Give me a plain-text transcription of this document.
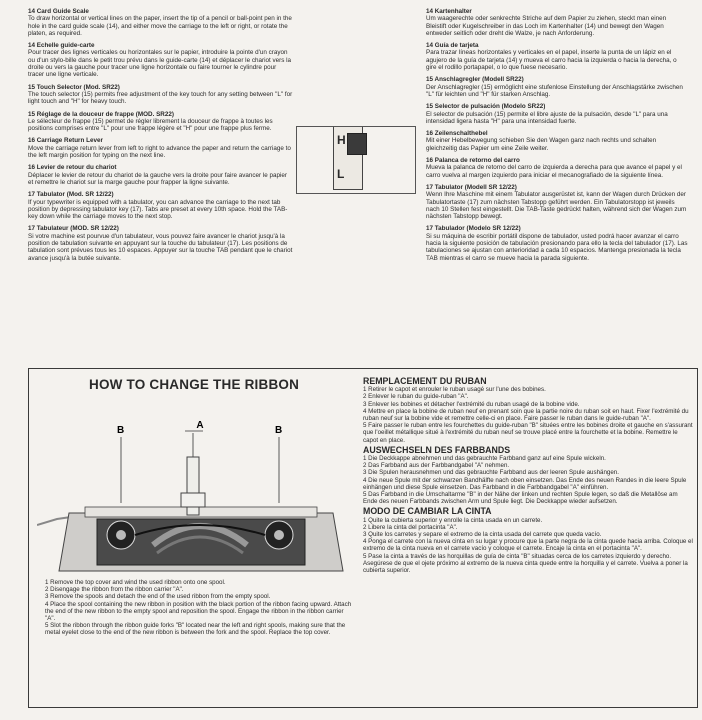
14 Card Guide Scale
To draw horizontal or vertical lines on the paper, insert the tip of a pencil or ball-point pen in the hole in the card guide scale (14), and either move the carriage to the left or right, or rotate the platen, as required.

14 Echelle guide-carte
Pour tracer des lignes verticales ou horizontales sur le papier, introduire la pointe d'un crayon ou d'un stylo-bille dans le petit trou prévu dans le guide-carte (14) et déplacer le chariot vers la droite ou vers la gauche pour tracer une ligne horizontale ou faire tourner le cylindre pour tracer une ligne verticale.

15 Touch Selector (Mod. SR22)
The touch selector (15) permits free adjustment of the key touch for any setting between "L" for light touch and "H" for heavy touch.

15 Réglage de la douceur de frappe (MOD. SR22)
Le sélecteur de frappe (15) permet de régler librement la douceur de frappe à toutes les positions comprises entre "L" pour une frappe légère et "H" pour une frappe plus ferme.

16 Carriage Return Lever
Move the carriage return lever from left to right to advance the paper and return the carriage to the left margin position for typing on the next line.

16 Levier de retour du chariot
Déplacer le levier de retour du chariot de la gauche vers la droite pour faire avancer le papier et remettre le chariot sur la marge gauche pour frapper la ligne suivante.

17 Tabulator (Mod. SR 12/22)
If your typewriter is equipped with a tabulator, you can advance the carriage to the next tab position by depressing tabulator key (17). Tabs are preset at every 10th space. Hold the TAB-key down while the carriage moves to the next stop.

17 Tabulateur (MOD. SR 12/22)
Si votre machine est pourvue d'un tabulateur, vous pouvez faire avancer le chariot jusqu'à la position de tabulation suivante en appuyant sur la touche du tabulateur (17). Les positions de tabulation sont prévues tous les 10 espaces. Appuyer sur la touche TAB pendant que le chariot avance jusqu'à la butée suivante.

14 Kartenhalter
Um waagerechte oder senkrechte Striche auf dem Papier zu ziehen, steckt man einen Bleistift oder Kugelschreiber in das Loch im Kartenhalter (14) und bewegt den Wagen entweder seitlich oder dreht die Walze, je nach Anforderung.

14 Guía de tarjeta
Para trazar líneas horizontales y verticales en el papel, inserte la punta de un lápiz en el agujero de la guía de tarjeta (14) y mueva el carro hacia la izquierda o hacia la derecha, o gire el rodillo portapapel, o lo que fuese necesario.

15 Anschlagregler (Modell SR22)
Der Anschlagregler (15) ermöglicht eine stufenlose Einstellung der Anschlagstärke zwischen "L" für leichten und "H" für starken Anschlag.

15 Selector de pulsación (Modelo SR22)
El selector de pulsación (15) permite el libre ajuste de la pulsación, desde "L" para una intensidad ligera hasta "H" para una intensidad fuerte.

16 Zeilenschalthebel
Mit einer Hebelbewegung schieben Sie den Wagen ganz nach rechts und schalten gleichzeitig das Papier um eine Zeile weiter.

16 Palanca de retorno del carro
Mueva la palanca de retorno del carro de izquierda a derecha para que avance el papel y el carro vuelva al margen izquierdo para iniciar el mecanografiado de la siguiente línea.

17 Tabulator (Modell SR 12/22)
Wenn Ihre Maschine mit einem Tabulator ausgerüstet ist, kann der Wagen durch Drücken der Tabulatortaste (17) zum nächsten Tabstopp geführt werden. Ein Tabulatorstopp ist jeweils nach 10 Stellen fest eingestellt. Die TAB-Taste gedrückt halten, während sich der Wagen zum nächsten Tabstopp bewegt.

17 Tabulador (Modelo SR 12/22)
Si su máquina de escribir portátil dispone de tabulador, usted podrá hacer avanzar el carro hacia la siguiente posición de tabulación presionando para ello la tecla del tabulador (17). Las tabulaciones se ajustan con anterioridad a cada 10 espacios. Mantenga presionada la tecla TAB mientras el carro se mueve hacia la parada siguiente.

H
L
HOW TO CHANGE THE RIBBON
A
B	B

1 Remove the top cover and wind the used ribbon onto one spool.

2 Disengage the ribbon from the ribbon carrier "A".

3 Remove the spools and detach the end of the used ribbon from the empty spool.

4 Place the spool containing the new ribbon in position with the black portion of the ribbon facing upward. Attach the end of the new ribbon to the empty spool and reposition the spool. Engage the ribbon in the ribbon carrier "A".

5 Slot the ribbon through the ribbon guide forks "B" located near the left and right spools, making sure that the metal eyelet close to the end of the new ribbon is between the fork and the spool. Replace the top cover.

REMPLACEMENT DU RUBAN

1 Retirer le capot et enrouler le ruban usagé sur l'une des bobines.

2 Enlever le ruban du guide-ruban "A".

3 Enlever les bobines et détacher l'extrémité du ruban usagé de la bobine vide.

4 Mettre en place la bobine de ruban neuf en prenant soin que la partie noire du ruban soit en haut. Fixer l'extrémité du ruban neuf sur la bobine vide et remettre celle-ci en place. Faire passer le ruban dans le guide-ruban "A".

5 Faire passer le ruban entre les fourchettes du guide-ruban "B" situées entre les bobines droite et gauche en s'assurant que l'oeillet métallique situé à l'extrémité du ruban neuf se trouve placé entre la fourchette et la bobine. Remettre le capot en place.

AUSWECHSELN DES FARBBANDS

1 Die Deckkappe abnehmen und das gebrauchte Farbband ganz auf eine Spule wickeln.

2 Das Farbband aus der Farbbandgabel "A" nehmen.

3 Die Spulen herausnehmen und das gebrauchte Farbband aus der leeren Spule aushängen.

4 Die neue Spule mit der schwarzen Bandhälfte nach oben einsetzen. Das Ende des neuen Randes in die leere Spule einhängen und diese Spule einsetzen. Das Farbband in die Farbbandgabel "A" einführen.

5 Das Farbband in die Umschaltarme "B" in der Nähe der linken und rechten Spule legen, so daß die Metallöse am Ende des neuen Farbbands zwischen Arm und Spule liegt. Die Deckkappe wieder aufsetzen.

MODO DE CAMBIAR LA CINTA

1 Quite la cubierta superior y enrolle la cinta usada en un carrete.

2 Libere la cinta del portacinta "A".

3 Quite los carretes y separe el extremo de la cinta usada del carrete que queda vacío.

4 Ponga el carrete con la nueva cinta en su lugar y procure que la parte negra de la cinta quede hacia arriba. Coloque el extremo de la cinta nueva en el carrete vacío y coloque el carrete. Encaje la cinta en el portacinta "A".

5 Pase la cinta a través de las horquillas de guía de cinta "B" situadas cerca de los carretes izquierdo y derecho. Asegúrese de que el ojete próximo al extremo de la nueva cinta quede entre la horquilla y el carrete. Vuelva a poner la cubierta superior.
